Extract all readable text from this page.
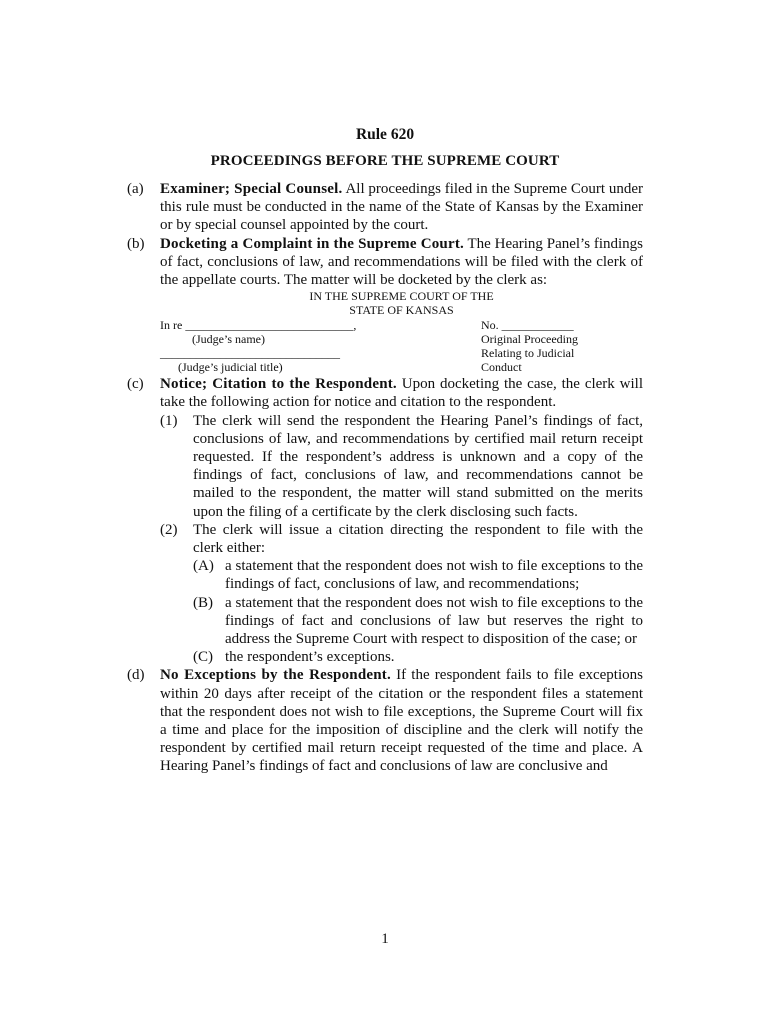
Rule 620
PROCEEDINGS BEFORE THE SUPREME COURT
(a) Examiner; Special Counsel. All proceedings filed in the Supreme Court under this rule must be conducted in the name of the State of Kansas by the Examiner or by special counsel appointed by the court.
(b) Docketing a Complaint in the Supreme Court. The Hearing Panel’s findings of fact, conclusions of law, and recommendations will be filed with the clerk of the appellate courts. The matter will be docketed by the clerk as:
IN THE SUPREME COURT OF THE
STATE OF KANSAS
In re ____________________________,
(Judge’s name)
______________________________
(Judge’s judicial title)
No. ____________
Original Proceeding
Relating to Judicial
Conduct
(c) Notice; Citation to the Respondent. Upon docketing the case, the clerk will take the following action for notice and citation to the respondent.
(1) The clerk will send the respondent the Hearing Panel’s findings of fact, conclusions of law, and recommendations by certified mail return receipt requested. If the respondent’s address is unknown and a copy of the findings of fact, conclusions of law, and recommendations cannot be mailed to the respondent, the matter will stand submitted on the merits upon the filing of a certificate by the clerk disclosing such facts.
(2) The clerk will issue a citation directing the respondent to file with the clerk either:
(A) a statement that the respondent does not wish to file exceptions to the findings of fact, conclusions of law, and recommendations;
(B) a statement that the respondent does not wish to file exceptions to the findings of fact and conclusions of law but reserves the right to address the Supreme Court with respect to disposition of the case; or
(C) the respondent’s exceptions.
(d) No Exceptions by the Respondent. If the respondent fails to file exceptions within 20 days after receipt of the citation or the respondent files a statement that the respondent does not wish to file exceptions, the Supreme Court will fix a time and place for the imposition of discipline and the clerk will notify the respondent by certified mail return receipt requested of the time and place. A Hearing Panel’s findings of fact and conclusions of law are conclusive and
1
